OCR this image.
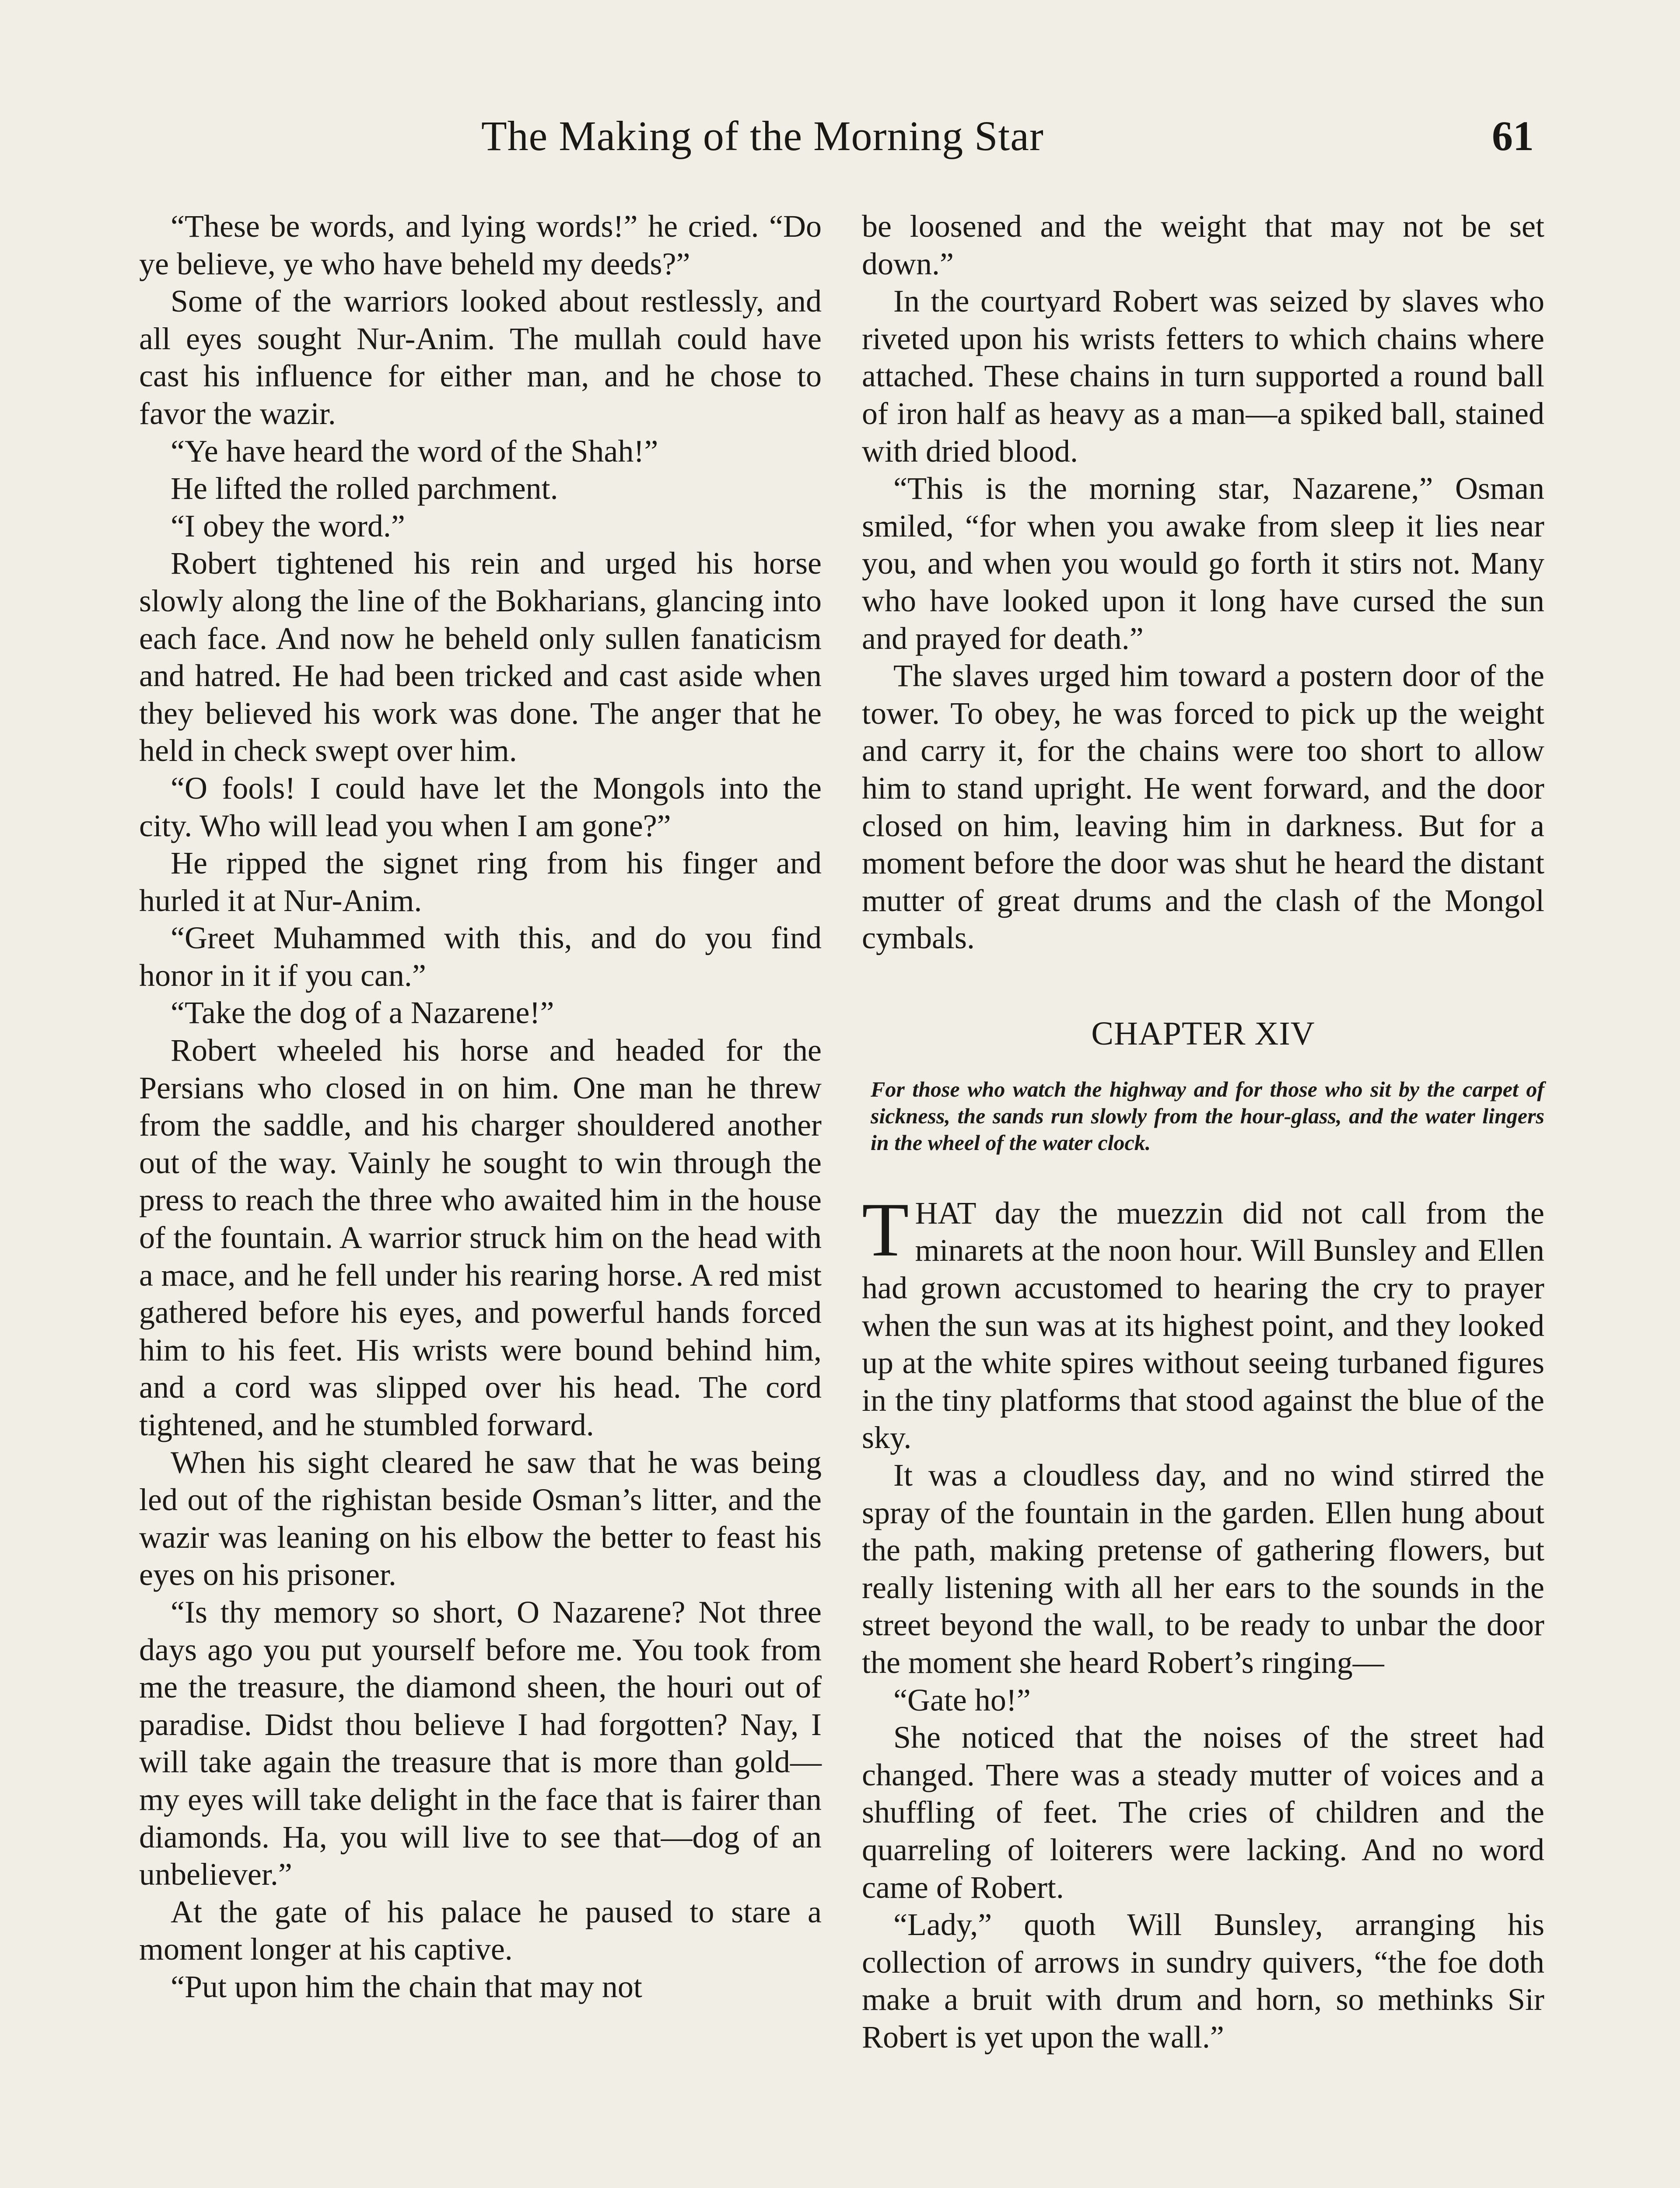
The Making of the Morning Star	61

“These be words, and lying words!” he cried. “Do ye believe, ye who have beheld my deeds?”

Some of the warriors looked about restlessly, and all eyes sought Nur-Anim. The mullah could have cast his influence for either man, and he chose to favor the wazir.

“Ye have heard the word of the Shah!”

He lifted the rolled parchment.

“I obey the word.”

Robert tightened his rein and urged his horse slowly along the line of the Bokharians, glancing into each face. And now he beheld only sullen fanaticism and hatred. He had been tricked and cast aside when they believed his work was done. The anger that he held in check swept over him.

“O fools! I could have let the Mongols into the city. Who will lead you when I am gone?”

He ripped the signet ring from his finger and hurled it at Nur-Anim.

“Greet Muhammed with this, and do you find honor in it if you can.”

“Take the dog of a Nazarene!”

Robert wheeled his horse and headed for the Persians who closed in on him. One man he threw from the saddle, and his charger shouldered another out of the way. Vainly he sought to win through the press to reach the three who awaited him in the house of the fountain. A warrior struck him on the head with a mace, and he fell under his rearing horse. A red mist gathered before his eyes, and powerful hands forced him to his feet. His wrists were bound behind him, and a cord was slipped over his head. The cord tightened, and he stumbled forward.

When his sight cleared he saw that he was being led out of the righistan beside Osman’s litter, and the wazir was leaning on his elbow the better to feast his eyes on his prisoner.

“Is thy memory so short, O Nazarene? Not three days ago you put yourself before me. You took from me the treasure, the diamond sheen, the houri out of paradise. Didst thou believe I had forgotten? Nay, I will take again the treasure that is more than gold—my eyes will take delight in the face that is fairer than diamonds. Ha, you will live to see that—dog of an unbeliever.”

At the gate of his palace he paused to stare a moment longer at his captive.

“Put upon him the chain that may not

be loosened and the weight that may not be set down.”

In the courtyard Robert was seized by slaves who riveted upon his wrists fetters to which chains where attached. These chains in turn supported a round ball of iron half as heavy as a man—a spiked ball, stained with dried blood.

“This is the morning star, Nazarene,” Osman smiled, “for when you awake from sleep it lies near you, and when you would go forth it stirs not. Many who have looked upon it long have cursed the sun and prayed for death.”

The slaves urged him toward a postern door of the tower. To obey, he was forced to pick up the weight and carry it, for the chains were too short to allow him to stand upright. He went forward, and the door closed on him, leaving him in darkness. But for a moment before the door was shut he heard the distant mutter of great drums and the clash of the Mongol cymbals.

CHAPTER XIV
For those who watch the highway and for those who sit by the carpet of sickness, the sands run slowly from the hour-glass, and the water lingers in the wheel of the water clock.

THAT day the muezzin did not call from the minarets at the noon hour. Will Bunsley and Ellen had grown accustomed to hearing the cry to prayer when the sun was at its highest point, and they looked up at the white spires without seeing turbaned figures in the tiny platforms that stood against the blue of the sky.

It was a cloudless day, and no wind stirred the spray of the fountain in the garden. Ellen hung about the path, making pretense of gathering flowers, but really listening with all her ears to the sounds in the street beyond the wall, to be ready to unbar the door the moment she heard Robert’s ringing—

“Gate ho!”

She noticed that the noises of the street had changed. There was a steady mutter of voices and a shuffling of feet. The cries of children and the quarreling of loiterers were lacking. And no word came of Robert.

“Lady,” quoth Will Bunsley, arranging his collection of arrows in sundry quivers, “the foe doth make a bruit with drum and horn, so methinks Sir Robert is yet upon the wall.”
